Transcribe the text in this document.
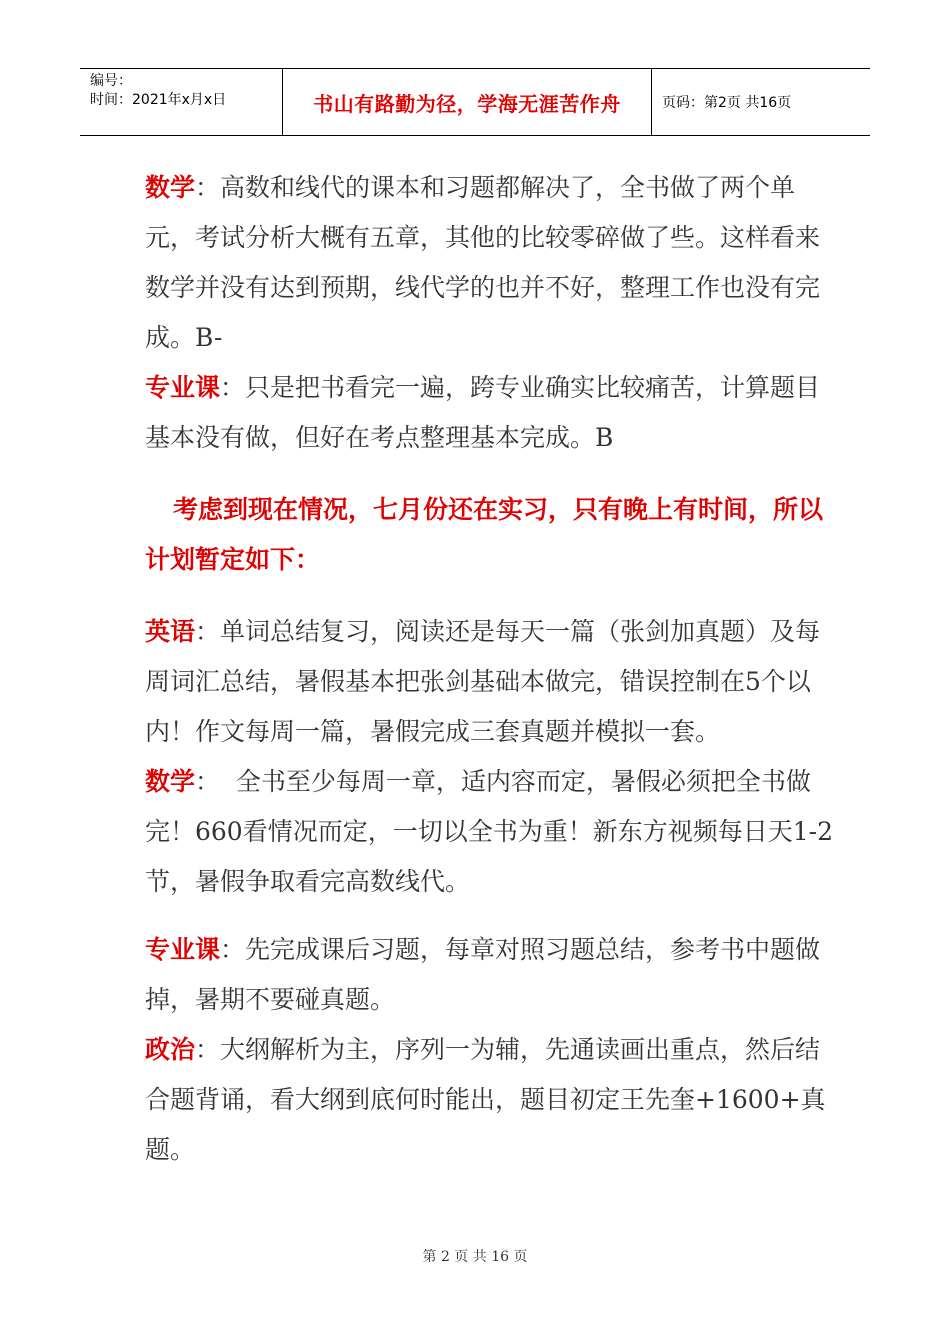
编号：
时间：2021年x月x日	书山有路勤为径，学海无涯苦作舟	页码：第2页 共16页

数学：高数和线代的课本和习题都解决了，全书做了两个单元，考试分析大概有五章，其他的比较零碎做了些。这样看来数学并没有达到预期，线代学的也并不好，整理工作也没有完成。B-

专业课：只是把书看完一遍，跨专业确实比较痛苦，计算题目基本没有做，但好在考点整理基本完成。B

考虑到现在情况，七月份还在实习，只有晚上有时间，所以计划暂定如下：

英语：单词总结复习，阅读还是每天一篇（张剑加真题）及每周词汇总结，暑假基本把张剑基础本做完，错误控制在5个以内！作文每周一篇，暑假完成三套真题并模拟一套。

数学：  全书至少每周一章，适内容而定，暑假必须把全书做完！660看情况而定，一切以全书为重！新东方视频每日天1-2节，暑假争取看完高数线代。

专业课：先完成课后习题，每章对照习题总结，参考书中题做掉，暑期不要碰真题。

政治：大纲解析为主，序列一为辅，先通读画出重点，然后结合题背诵，看大纲到底何时能出，题目初定王先奎+1600+真题。

第 2 页 共 16 页
